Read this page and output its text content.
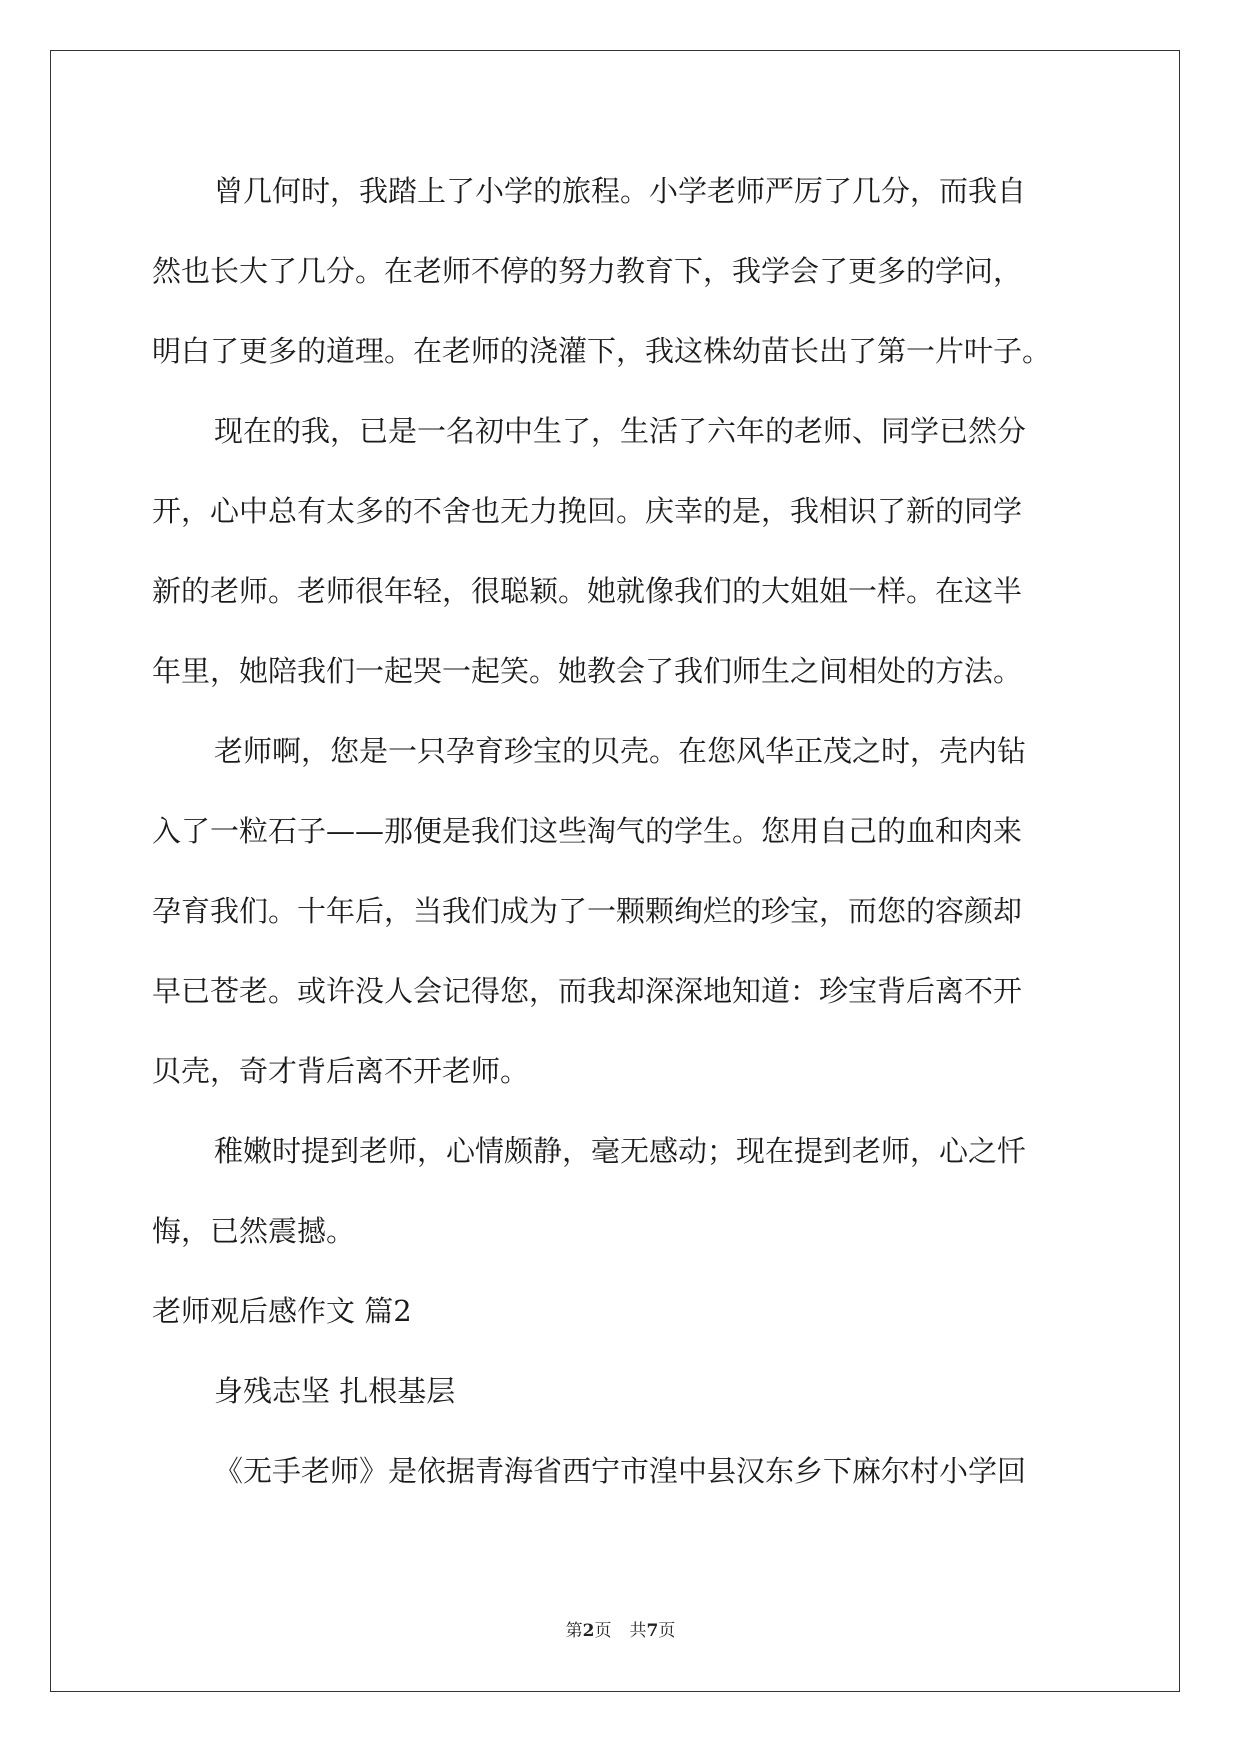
曾几何时，我踏上了小学的旅程。小学老师严厉了几分，而我自
然也长大了几分。在老师不停的努力教育下，我学会了更多的学问，
明白了更多的道理。在老师的浇灌下，我这株幼苗长出了第一片叶子。
现在的我，已是一名初中生了，生活了六年的老师、同学已然分
开，心中总有太多的不舍也无力挽回。庆幸的是，我相识了新的同学
新的老师。老师很年轻，很聪颖。她就像我们的大姐姐一样。在这半
年里，她陪我们一起哭一起笑。她教会了我们师生之间相处的方法。
老师啊，您是一只孕育珍宝的贝壳。在您风华正茂之时，壳内钻
入了一粒石子——那便是我们这些淘气的学生。您用自己的血和肉来
孕育我们。十年后，当我们成为了一颗颗绚烂的珍宝，而您的容颜却
早已苍老。或许没人会记得您，而我却深深地知道：珍宝背后离不开
贝壳，奇才背后离不开老师。
稚嫩时提到老师，心情颇静，毫无感动；现在提到老师，心之忏
悔，已然震撼。
老师观后感作文 篇2
身残志坚 扎根基层
《无手老师》是依据青海省西宁市湟中县汉东乡下麻尔村小学回
第2页 共7页
